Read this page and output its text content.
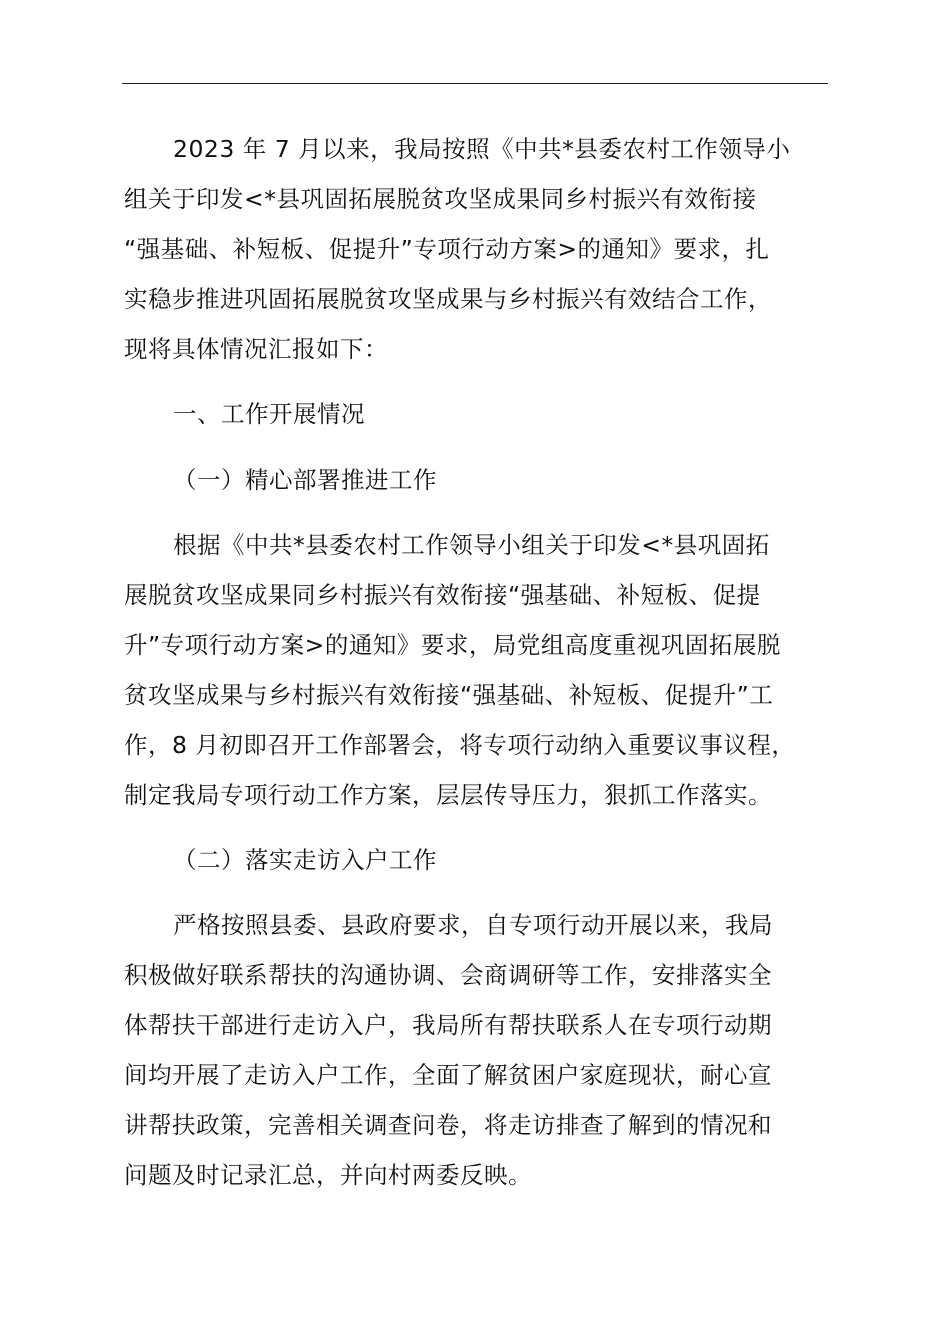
2023 年 7 月以来，我局按照《中共*县委农村工作领导小
组关于印发<*县巩固拓展脱贫攻坚成果同乡村振兴有效衔接
“强基础、补短板、促提升”专项行动方案>的通知》要求，扎
实稳步推进巩固拓展脱贫攻坚成果与乡村振兴有效结合工作，
现将具体情况汇报如下：
一、工作开展情况
（一）精心部署推进工作
根据《中共*县委农村工作领导小组关于印发<*县巩固拓
展脱贫攻坚成果同乡村振兴有效衔接“强基础、补短板、促提
升”专项行动方案>的通知》要求，局党组高度重视巩固拓展脱
贫攻坚成果与乡村振兴有效衔接“强基础、补短板、促提升”工
作，8 月初即召开工作部署会，将专项行动纳入重要议事议程，
制定我局专项行动工作方案，层层传导压力，狠抓工作落实。
（二）落实走访入户工作
严格按照县委、县政府要求，自专项行动开展以来，我局
积极做好联系帮扶的沟通协调、会商调研等工作，安排落实全
体帮扶干部进行走访入户，我局所有帮扶联系人在专项行动期
间均开展了走访入户工作，全面了解贫困户家庭现状，耐心宣
讲帮扶政策，完善相关调查问卷，将走访排查了解到的情况和
问题及时记录汇总，并向村两委反映。
